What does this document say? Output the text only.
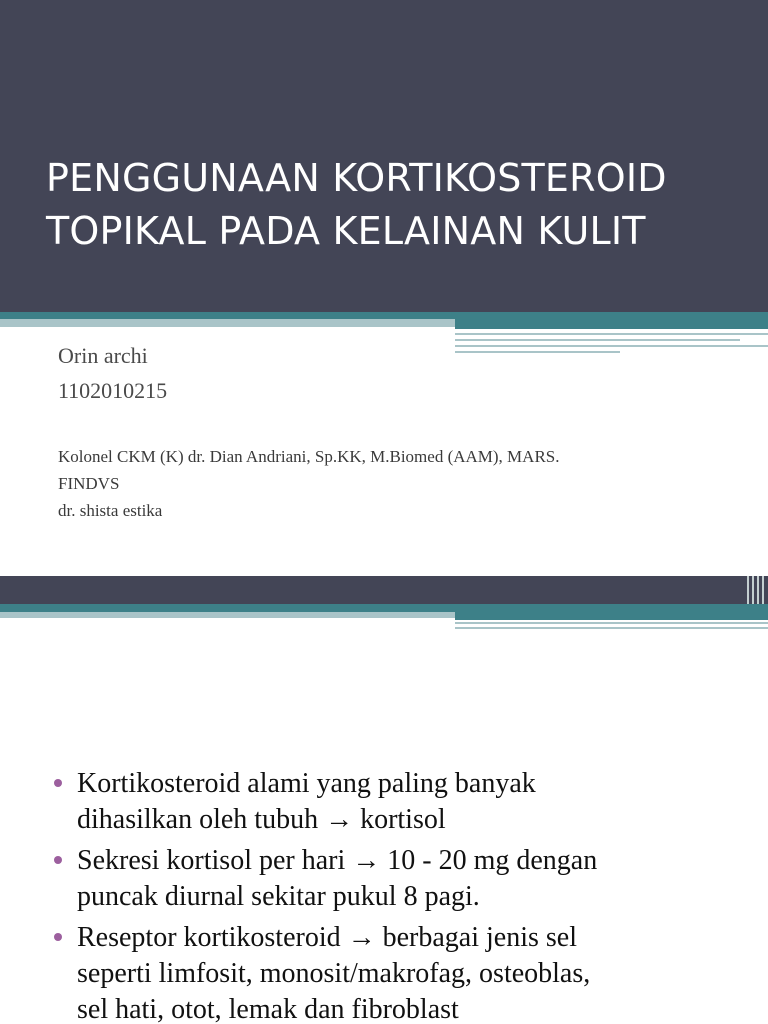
PENGGUNAAN KORTIKOSTEROID
TOPIKAL PADA KELAINAN KULIT

Orin archi

1102010215

Kolonel CKM (K) dr. Dian Andriani, Sp.KK, M.Biomed (AAM), MARS.
FINDVS
dr. shista estika
Kortikosteroid alami yang paling banyak
dihasilkan oleh tubuh → kortisol
Sekresi kortisol per hari → 10 - 20 mg dengan
puncak diurnal sekitar pukul 8 pagi.
Reseptor kortikosteroid → berbagai jenis sel
seperti limfosit, monosit/makrofag, osteoblas,
sel hati, otot, lemak dan fibroblast
